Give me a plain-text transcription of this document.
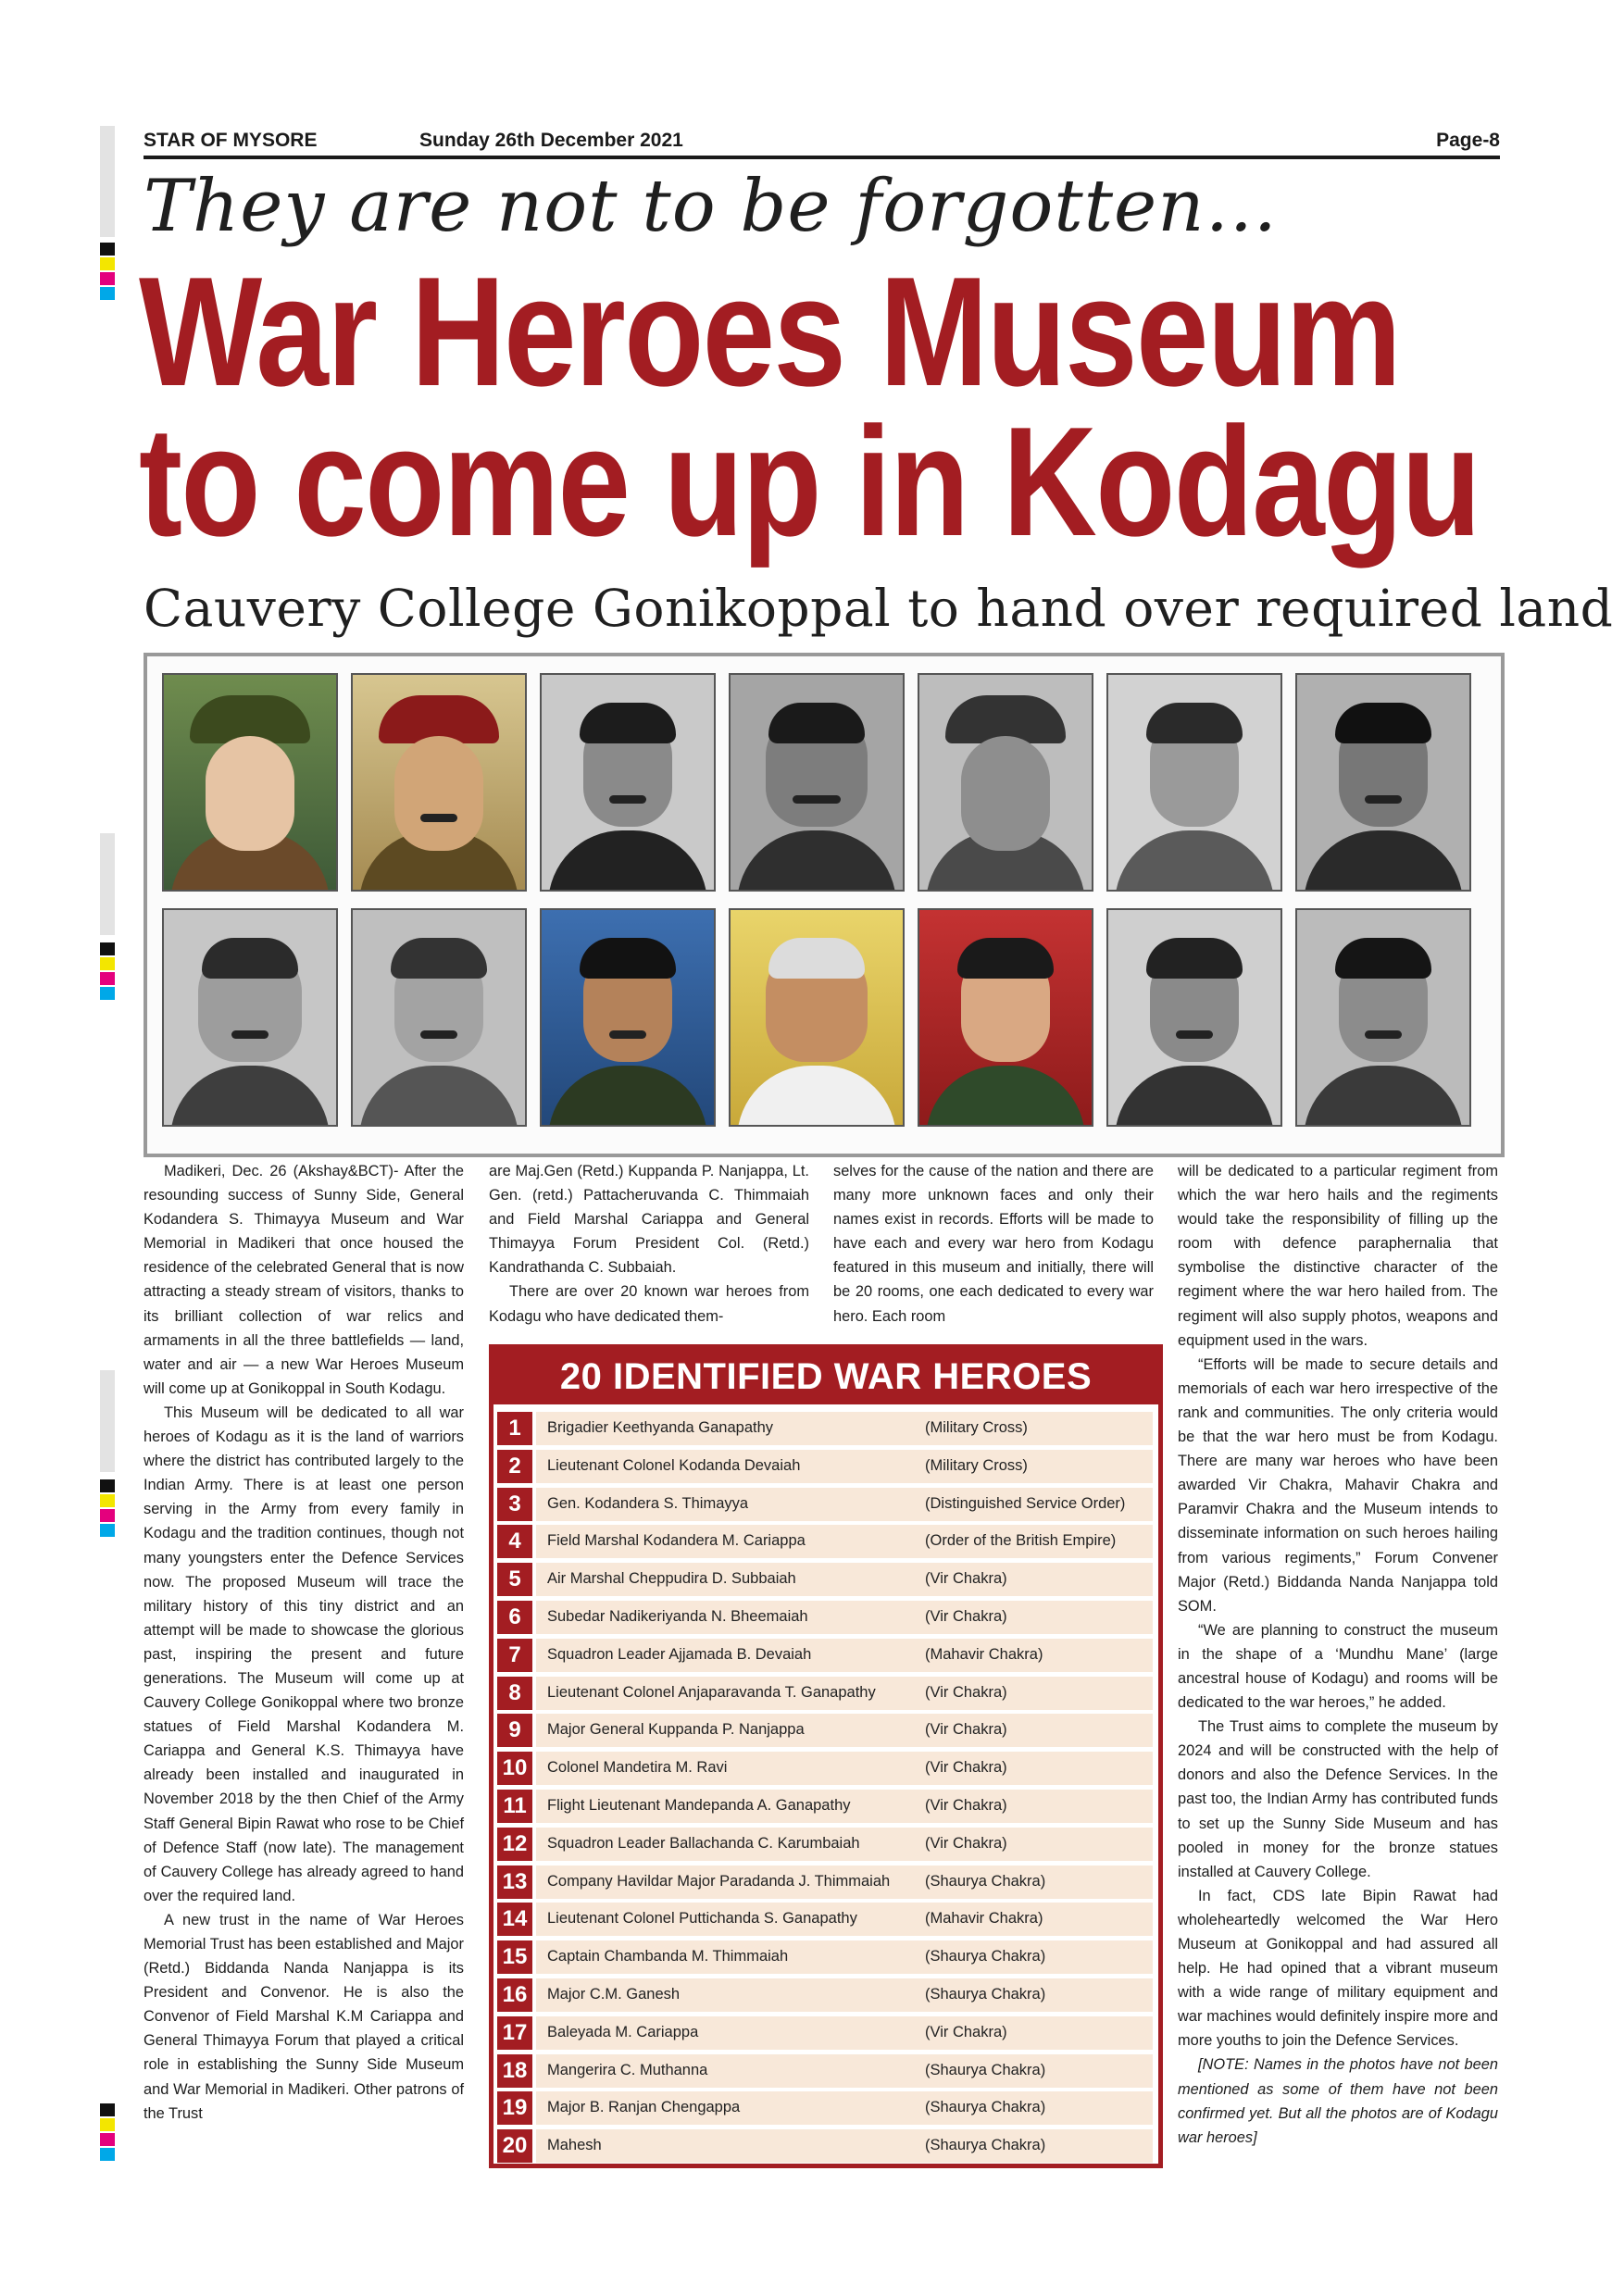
STAR OF MYSORE	Sunday 26th December 2021	Page-8
They are not to be forgotten…
War Heroes Museum
to come up in Kodagu
Cauvery College Gonikoppal to hand over required land

Madikeri, Dec. 26 (Akshay&BCT)- After the resounding success of Sunny Side, General Kodandera S. Thimayya Museum and War Memorial in Madikeri that once housed the residence of the celebrated General that is now attracting a steady stream of visitors, thanks to its brilliant collection of war relics and armaments in all the three battlefields — land, water and air — a new War Heroes Museum will come up at Gonikoppal in South Kodagu.

This Museum will be dedicated to all war heroes of Kodagu as it is the land of warriors where the district has contributed largely to the Indian Army. There is at least one person serving in the Army from every family in Kodagu and the tradition continues, though not many youngsters enter the Defence Services now. The proposed Museum will trace the military history of this tiny district and an attempt will be made to showcase the glorious past, inspiring the present and future generations. The Museum will come up at Cauvery College Gonikoppal where two bronze statues of Field Marshal Kodandera M. Cariappa and General K.S. Thimayya have already been installed and inaugurated in November 2018 by the then Chief of the Army Staff General Bipin Rawat who rose to be Chief of Defence Staff (now late). The management of Cauvery College has already agreed to hand over the required land.

A new trust in the name of War Heroes Memorial Trust has been established and Major (Retd.) Biddanda Nanda Nanjappa is its President and Convenor. He is also the Convenor of Field Marshal K.M Cariappa and General Thimayya Forum that played a critical role in establishing the Sunny Side Museum and War Memorial in Madikeri. Other patrons of the Trust

are Maj.Gen (Retd.) Kuppanda P. Nanjappa, Lt. Gen. (retd.) Pattacheruvanda C. Thimmaiah and Field Marshal Cariappa and General Thimayya Forum President Col. (Retd.) Kandrathanda C. Subbaiah.

There are over 20 known war heroes from Kodagu who have dedicated them-

selves for the cause of the nation and there are many more unknown faces and only their names exist in records. Efforts will be made to have each and every war hero from Kodagu featured in this museum and initially, there will be 20 rooms, one each dedicated to every war hero. Each room

will be dedicated to a particular regiment from which the war hero hails and the regiments would take the responsibility of filling up the room with defence paraphernalia that symbolise the distinctive character of the regiment where the war hero hailed from. The regiment will also supply photos, weapons and equipment used in the wars.

“Efforts will be made to secure details and memorials of each war hero irrespective of the rank and communities. The only criteria would be that the war hero must be from Kodagu. There are many war heroes who have been awarded Vir Chakra, Mahavir Chakra and Paramvir Chakra and the Museum intends to disseminate information on such heroes hailing from various regiments,” Forum Convener Major (Retd.) Biddanda Nanda Nanjappa told SOM.

“We are planning to construct the museum in the shape of a ‘Mundhu Mane’ (large ancestral house of Kodagu) and rooms will be dedicated to the war heroes,” he added.

The Trust aims to complete the museum by 2024 and will be constructed with the help of donors and also the Defence Services. In the past too, the Indian Army has contributed funds to set up the Sunny Side Museum and has pooled in money for the bronze statues installed at Cauvery College.

In fact, CDS late Bipin Rawat had wholeheartedly welcomed the War Hero Museum at Gonikoppal and had assured all help. He had opined that a vibrant museum with a wide range of military equipment and war machines would definitely inspire more and more youths to join the Defence Services.

[NOTE: Names in the photos have not been mentioned as some of them have not been confirmed yet. But all the photos are of Kodagu war heroes]

20 IDENTIFIED WAR HEROES
1	Brigadier Keethyanda Ganapathy	(Military Cross)
2	Lieutenant Colonel Kodanda Devaiah	(Military Cross)
3	Gen. Kodandera S. Thimayya	(Distinguished Service Order)
4	Field Marshal Kodandera M. Cariappa	(Order of the British Empire)
5	Air Marshal Cheppudira D. Subbaiah	(Vir Chakra)
6	Subedar Nadikeriyanda N. Bheemaiah	(Vir Chakra)
7	Squadron Leader Ajjamada B. Devaiah	(Mahavir Chakra)
8	Lieutenant Colonel Anjaparavanda T. Ganapathy	(Vir Chakra)
9	Major General Kuppanda P. Nanjappa	(Vir Chakra)
10	Colonel Mandetira M. Ravi	(Vir Chakra)
11	Flight Lieutenant Mandepanda A. Ganapathy	(Vir Chakra)
12	Squadron Leader Ballachanda C. Karumbaiah	(Vir Chakra)
13	Company Havildar Major Paradanda J. Thimmaiah (Shaurya Chakra)
14	Lieutenant Colonel Puttichanda S. Ganapathy	(Mahavir Chakra)
15	Captain Chambanda M. Thimmaiah	(Shaurya Chakra)
16	Major C.M. Ganesh	(Shaurya Chakra)
17	Baleyada M. Cariappa	(Vir Chakra)
18	Mangerira C. Muthanna	(Shaurya Chakra)
19	Major B. Ranjan Chengappa	(Shaurya Chakra)
20	Mahesh	(Shaurya Chakra)
